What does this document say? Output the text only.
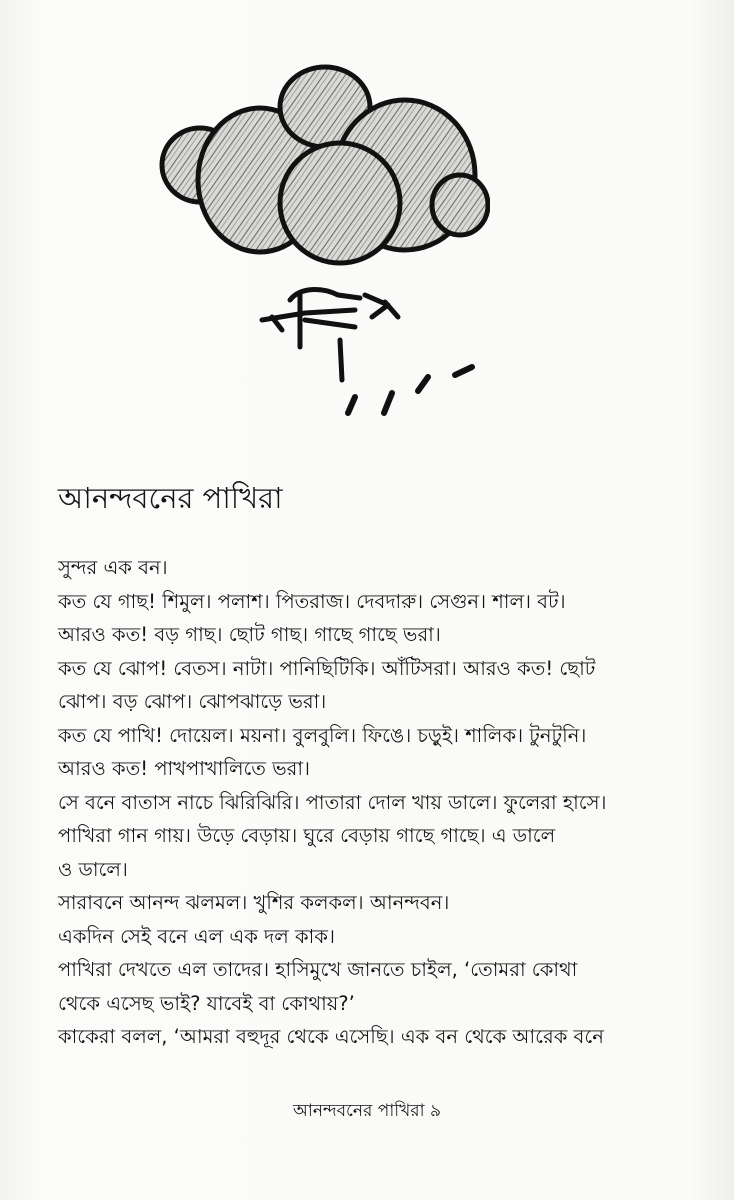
আনন্দবনের পাখিরা

সুন্দর এক বন।

কত যে গাছ! শিমুল। পলাশ। পিতরাজ। দেবদারু। সেগুন। শাল। বট।

আরও কত! বড় গাছ। ছোট গাছ। গাছে গাছে ভরা।

কত যে ঝোপ! বেতস। নাটা। পানিছিটিকি। আঁটিসরা। আরও কত! ছোট

ঝোপ। বড় ঝোপ। ঝোপঝাড়ে ভরা।

কত যে পাখি! দোয়েল। ময়না। বুলবুলি। ফিঙে। চড়ুই। শালিক। টুনটুনি।

আরও কত! পাখপাখালিতে ভরা।

সে বনে বাতাস নাচে ঝিরিঝিরি। পাতারা দোল খায় ডালে। ফুলেরা হাসে।

পাখিরা গান গায়। উড়ে বেড়ায়। ঘুরে বেড়ায় গাছে গাছে। এ ডালে

ও ডালে।

সারাবনে আনন্দ ঝলমল। খুশির কলকল। আনন্দবন।

একদিন সেই বনে এল এক দল কাক।

পাখিরা দেখতে এল তাদের। হাসিমুখে জানতে চাইল, ‘তোমরা কোথা

থেকে এসেছ ভাই? যাবেই বা কোথায়?’

কাকেরা বলল, ‘আমরা বহুদূর থেকে এসেছি। এক বন থেকে আরেক বনে

আনন্দবনের পাখিরা ৯
